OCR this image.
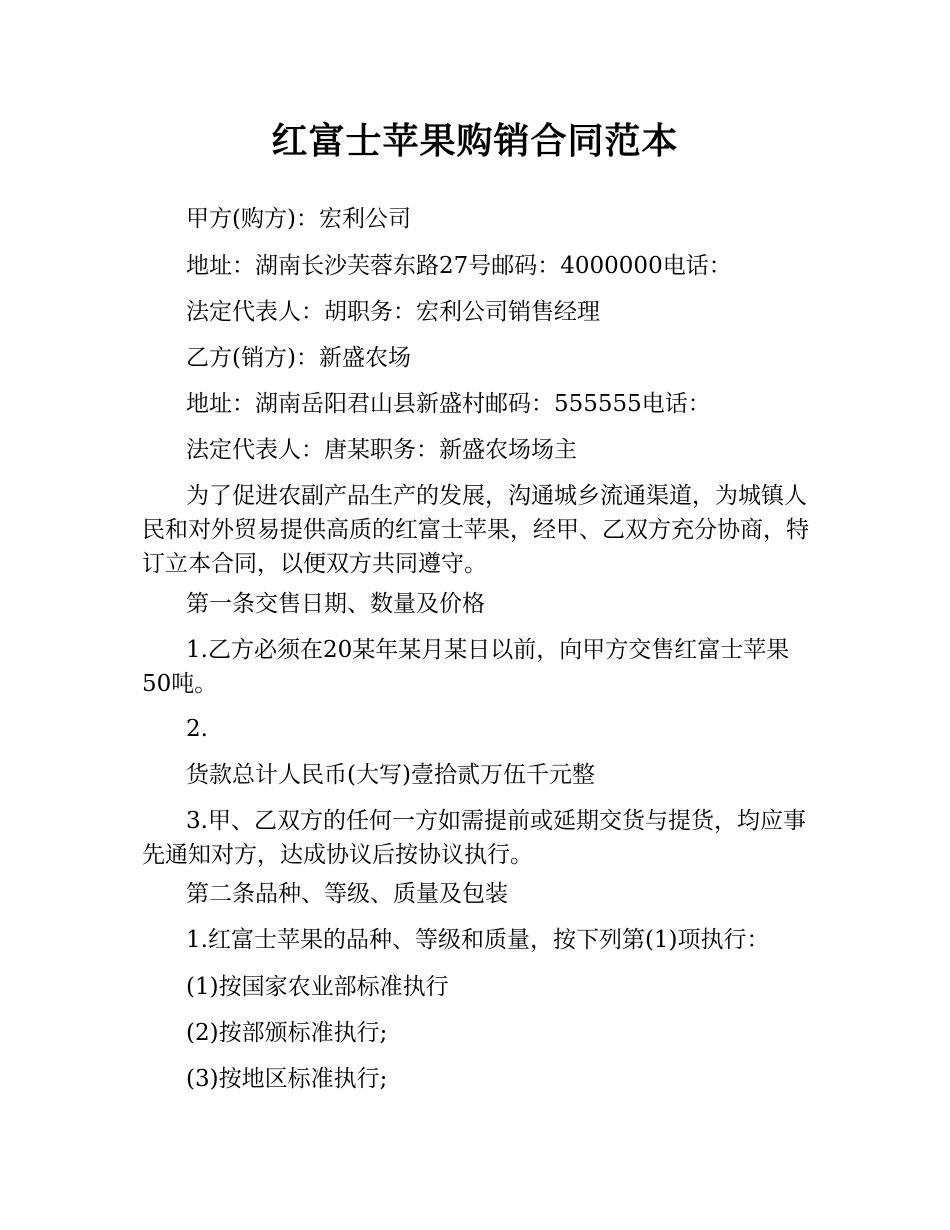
红富士苹果购销合同范本
甲方(购方)：宏利公司
地址：湖南长沙芙蓉东路27号邮码：4000000电话：
法定代表人：胡职务：宏利公司销售经理
乙方(销方)：新盛农场
地址：湖南岳阳君山县新盛村邮码：555555电话：
法定代表人：唐某职务：新盛农场场主
为了促进农副产品生产的发展，沟通城乡流通渠道，为城镇人民和对外贸易提供高质的红富士苹果，经甲、乙双方充分协商，特订立本合同，以便双方共同遵守。
第一条交售日期、数量及价格
1.乙方必须在20某年某月某日以前，向甲方交售红富士苹果50吨。
2.
货款总计人民币(大写)壹拾贰万伍千元整
3.甲、乙双方的任何一方如需提前或延期交货与提货，均应事先通知对方，达成协议后按协议执行。
第二条品种、等级、质量及包装
1.红富士苹果的品种、等级和质量，按下列第(1)项执行：
(1)按国家农业部标准执行
(2)按部颁标准执行;
(3)按地区标准执行;
